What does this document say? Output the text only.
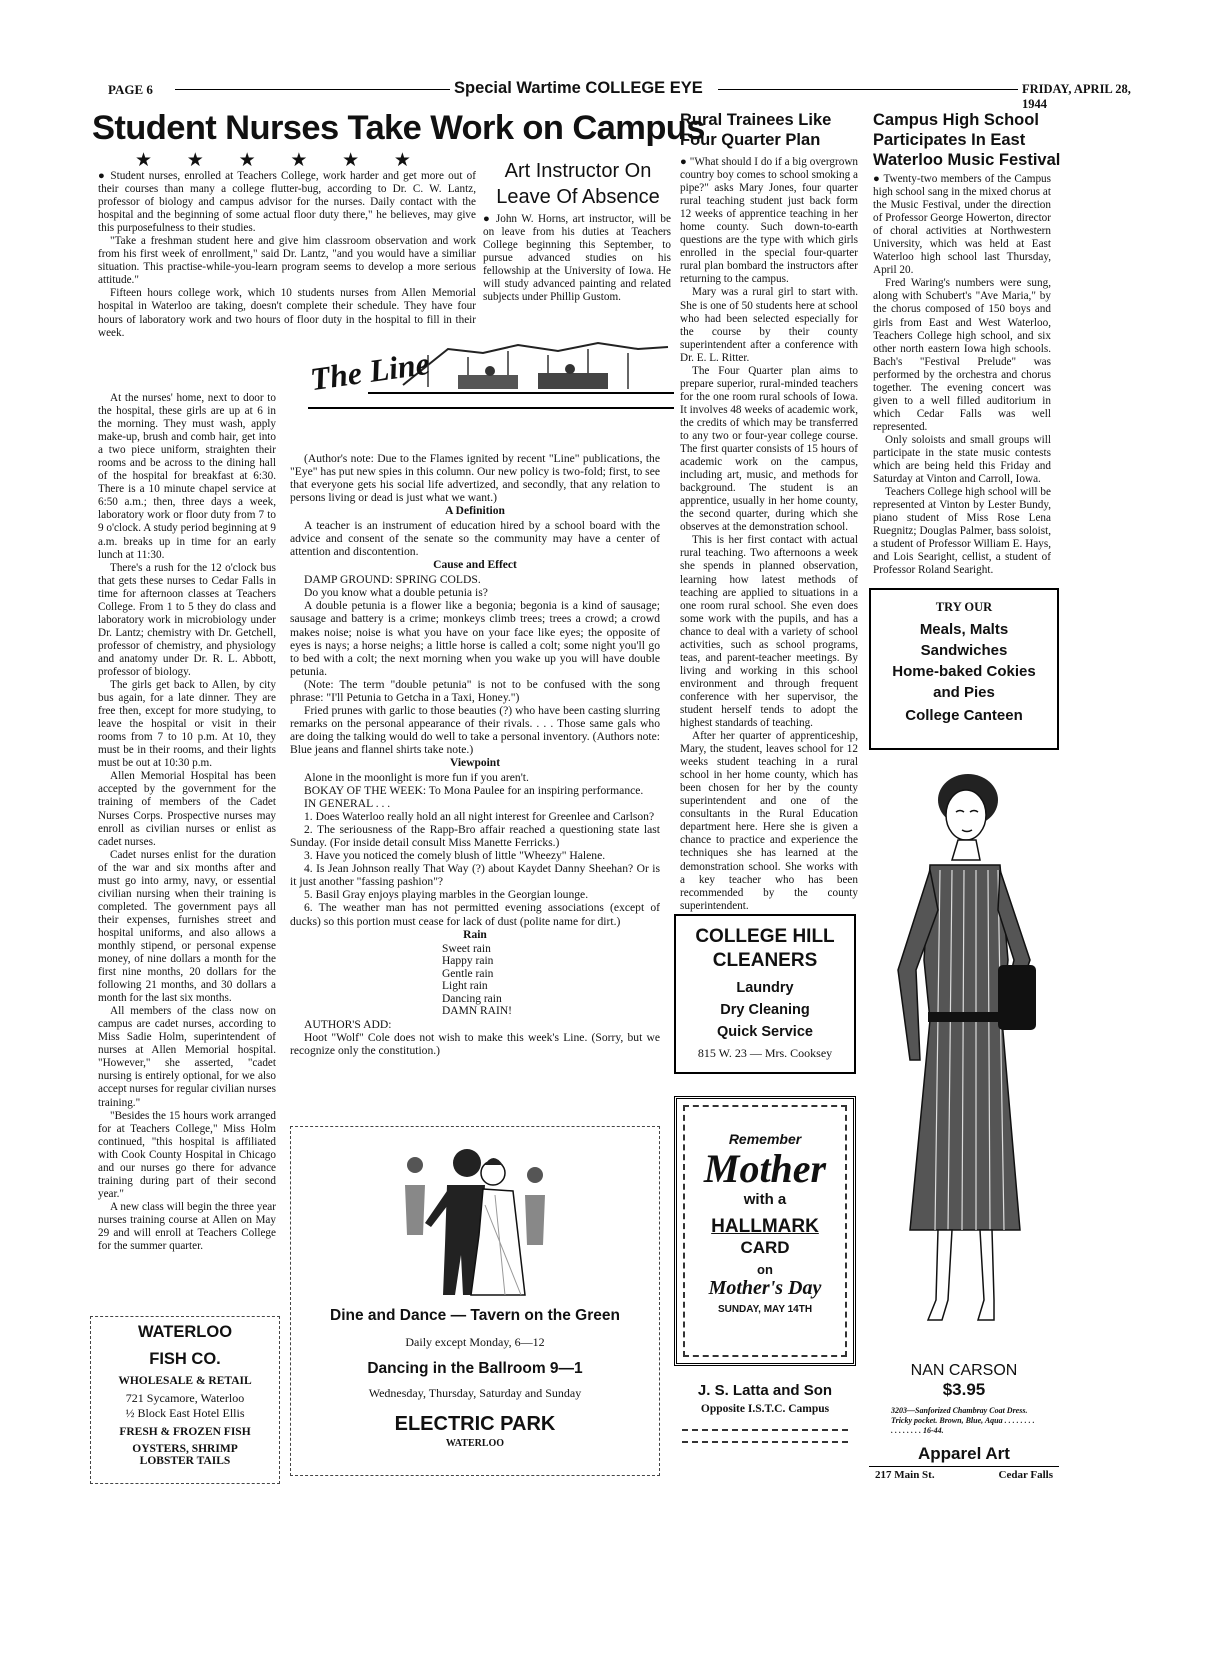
PAGE 6	Special Wartime COLLEGE EYE	FRIDAY, APRIL 28, 1944
Student Nurses Take Work on Campus
★ ★ ★ ★ ★ ★

● Student nurses, enrolled at Teachers College, work harder and get more out of their courses than many a college flutter-bug, according to Dr. C. W. Lantz, professor of biology and campus advisor for the nurses. Daily contact with the hospital and the beginning of some actual floor duty there," he believes, may give this purposefulness to their studies.

"Take a freshman student here and give him classroom observation and work from his first week of enrollment," said Dr. Lantz, "and you would have a similiar situation. This practise-while-you-learn program seems to develop a more serious attitude."

Fifteen hours college work, which 10 students nurses from Allen Memorial hospital in Waterloo are taking, doesn't complete their schedule. They have four hours of laboratory work and two hours of floor duty in the hospital to fill in their week.

At the nurses' home, next to door to the hospital, these girls are up at 6 in the morning. They must wash, apply make-up, brush and comb hair, get into a two piece uniform, straighten their rooms and be across to the dining hall of the hospital for breakfast at 6:30. There is a 10 minute chapel service at 6:50 a.m.; then, three days a week, laboratory work or floor duty from 7 to 9 o'clock. A study period beginning at 9 a.m. breaks up in time for an early lunch at 11:30.

There's a rush for the 12 o'clock bus that gets these nurses to Cedar Falls in time for afternoon classes at Teachers College. From 1 to 5 they do class and laboratory work in microbiology under Dr. Lantz; chemistry with Dr. Getchell, professor of chemistry, and physiology and anatomy under Dr. R. L. Abbott, professor of biology.

The girls get back to Allen, by city bus again, for a late dinner. They are free then, except for more studying, to leave the hospital or visit in their rooms from 7 to 10 p.m. At 10, they must be in their rooms, and their lights must be out at 10:30 p.m.

Allen Memorial Hospital has been accepted by the government for the training of members of the Cadet Nurses Corps. Prospective nurses may enroll as civilian nurses or enlist as cadet nurses.

Cadet nurses enlist for the duration of the war and six months after and must go into army, navy, or essential civilian nursing when their training is completed. The government pays all their expenses, furnishes street and hospital uniforms, and also allows a monthly stipend, or personal expense money, of nine dollars a month for the first nine months, 20 dollars for the following 21 months, and 30 dollars a month for the last six months.

All members of the class now on campus are cadet nurses, according to Miss Sadie Holm, superintendent of nurses at Allen Memorial hospital. "However," she asserted, "cadet nursing is entirely optional, for we also accept nurses for regular civilian nurses training."

"Besides the 15 hours work arranged for at Teachers College," Miss Holm continued, "this hospital is affiliated with Cook County Hospital in Chicago and our nurses go there for advance training during part of their second year."

A new class will begin the three year nurses training course at Allen on May 29 and will enroll at Teachers College for the summer quarter.

Art Instructor On Leave Of Absence

● John W. Horns, art instructor, will be on leave from his duties at Teachers College beginning this September, to pursue advanced studies on his fellowship at the University of Iowa. He will study advanced painting and related subjects under Phillip Gustom.

The Line

(Author's note: Due to the Flames ignited by recent "Line" publications, the "Eye" has put new spies in this column. Our new policy is two-fold; first, to see that everyone gets his social life advertized, and secondly, that any relation to persons living or dead is just what we want.)

A Definition

A teacher is an instrument of education hired by a school board with the advice and consent of the senate so the community may have a center of attention and discontention.

Cause and Effect

DAMP GROUND: SPRING COLDS.

Do you know what a double petunia is?

A double petunia is a flower like a begonia; begonia is a kind of sausage; sausage and battery is a crime; monkeys climb trees; trees a crowd; a crowd makes noise; noise is what you have on your face like eyes; the opposite of eyes is nays; a horse neighs; a little horse is called a colt; some night you'll go to bed with a colt; the next morning when you wake up you will have double petunia.

(Note: The term "double petunia" is not to be confused with the song phrase: "I'll Petunia to Getcha in a Taxi, Honey.")

Fried prunes with garlic to those beauties (?) who have been casting slurring remarks on the personal appearance of their rivals. . . . Those same gals who are doing the talking would do well to take a personal inventory. (Authors note: Blue jeans and flannel shirts take note.)

Viewpoint

Alone in the moonlight is more fun if you aren't.

BOKAY OF THE WEEK: To Mona Paulee for an inspiring performance.

IN GENERAL . . .

1. Does Waterloo really hold an all night interest for Greenlee and Carlson?

2. The seriousness of the Rapp-Bro affair reached a questioning state last Sunday. (For inside detail consult Miss Manette Ferricks.)

3. Have you noticed the comely blush of little "Wheezy" Halene.

4. Is Jean Johnson really That Way (?) about Kaydet Danny Sheehan? Or is it just another "fassing pashion"?

5. Basil Gray enjoys playing marbles in the Georgian lounge.

6. The weather man has not permitted evening associations (except of ducks) so this portion must cease for lack of dust (polite name for dirt.)

Rain

Sweet rain
Happy rain
Gentle rain
Light rain
Dancing rain
DAMN RAIN!

AUTHOR'S ADD:

Hoot "Wolf" Cole does not wish to make this week's Line. (Sorry, but we recognize only the constitution.)

Rural Trainees Like Four Quarter Plan

● "What should I do if a big overgrown country boy comes to school smoking a pipe?" asks Mary Jones, four quarter rural teaching student just back form 12 weeks of apprentice teaching in her home county. Such down-to-earth questions are the type with which girls enrolled in the special four-quarter rural plan bombard the instructors after returning to the campus.

Mary was a rural girl to start with. She is one of 50 students here at school who had been selected especially for the course by their county superintendent after a conference with Dr. E. L. Ritter.

The Four Quarter plan aims to prepare superior, rural-minded teachers for the one room rural schools of Iowa. It involves 48 weeks of academic work, the credits of which may be transferred to any two or four-year college course. The first quarter consists of 15 hours of academic work on the campus, including art, music, and methods for background. The student is an apprentice, usually in her home county, the second quarter, during which she observes at the demonstration school.

This is her first contact with actual rural teaching. Two afternoons a week she spends in planned observation, learning how latest methods of teaching are applied to situations in a one room rural school. She even does some work with the pupils, and has a chance to deal with a variety of school activities, such as school programs, teas, and parent-teacher meetings. By living and working in this school environment and through frequent conference with her supervisor, the student herself tends to adopt the highest standards of teaching.

After her quarter of apprenticeship, Mary, the student, leaves school for 12 weeks student teaching in a rural school in her home county, which has been chosen for her by the county superintendent and one of the consultants in the Rural Education department here. Here she is given a chance to practice and experience the techniques she has learned at the demonstration school. She works with a key teacher who has been recommended by the county superintendent.

Campus High School Participates In East Waterloo Music Festival

● Twenty-two members of the Campus high school sang in the mixed chorus at the Music Festival, under the direction of Professor George Howerton, director of choral activities at Northwestern University, which was held at East Waterloo high school last Thursday, April 20.

Fred Waring's numbers were sung, along with Schubert's "Ave Maria," by the chorus composed of 150 boys and girls from East and West Waterloo, Teachers College high school, and six other north eastern Iowa high schools. Bach's "Festival Prelude" was performed by the orchestra and chorus together. The evening concert was given to a well filled auditorium in which Cedar Falls was well represented.

Only soloists and small groups will participate in the state music contests which are being held this Friday and Saturday at Vinton and Carroll, Iowa.

Teachers College high school will be represented at Vinton by Lester Bundy, piano student of Miss Rose Lena Ruegnitz; Douglas Palmer, bass soloist, a student of Professor William E. Hays, and Lois Searight, cellist, a student of Professor Roland Searight.

TRY OUR
Meals, Malts
Sandwiches
Home-baked Cokies
and Pies
College Canteen
NAN CARSON
$3.95
3203—Sanforized Chambray Coat Dress. Tricky pocket. Brown, Blue, Aqua . . . . . . . . . . . . . . . . 16-44.
Apparel Art
217 Main St.	Cedar Falls
COLLEGE HILL
CLEANERS
Laundry
Dry Cleaning
Quick Service
815 W. 23 — Mrs. Cooksey
Remember
Mother
with a
HALLMARK
CARD
on
Mother's Day
SUNDAY, MAY 14TH
J. S. Latta and Son
Opposite I.S.T.C. Campus
Dine and Dance — Tavern on the Green
Daily except Monday, 6—12
Dancing in the Ballroom 9—1
Wednesday, Thursday, Saturday and Sunday
ELECTRIC PARK
WATERLOO
WATERLOO
FISH CO.
WHOLESALE & RETAIL
721 Sycamore, Waterloo
½ Block East Hotel Ellis
FRESH & FROZEN FISH
OYSTERS, SHRIMP
LOBSTER TAILS
